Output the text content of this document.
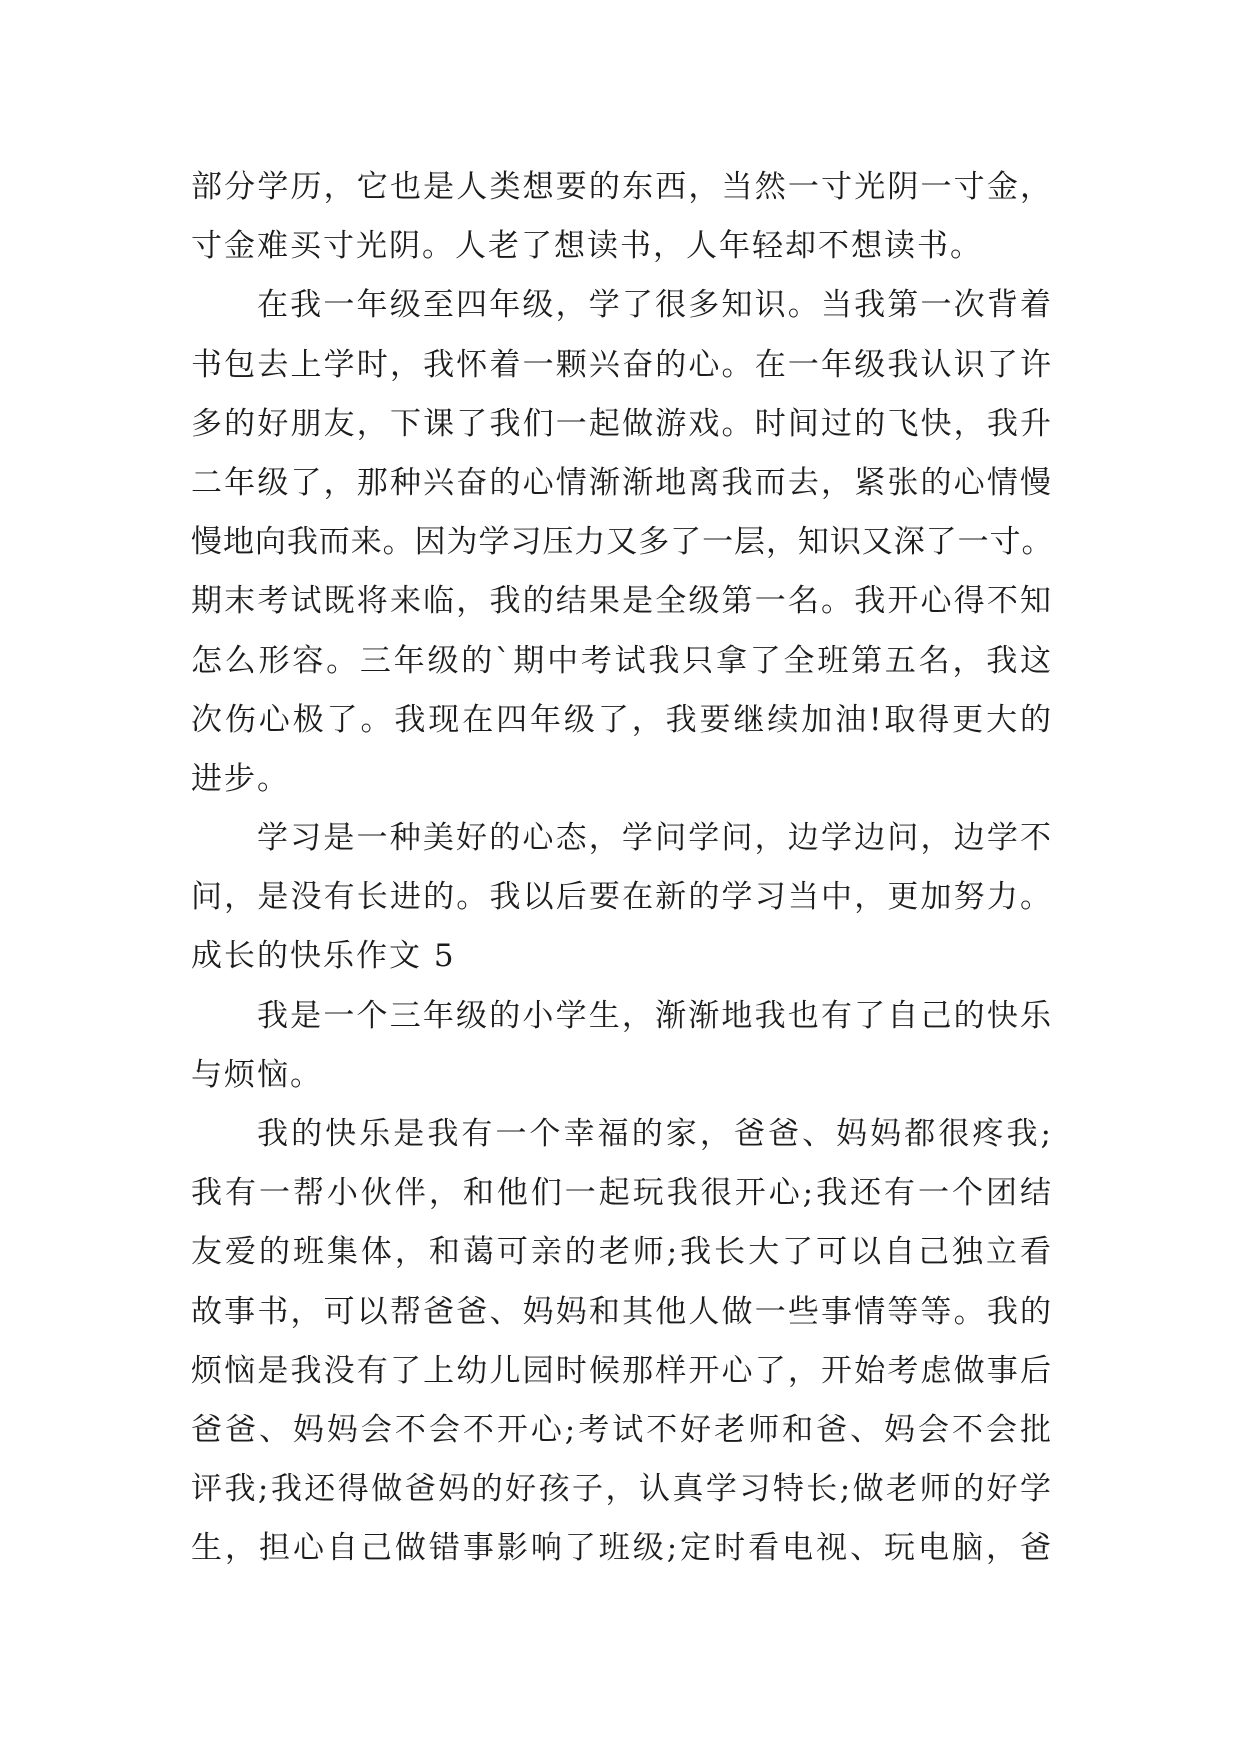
部分学历，它也是人类想要的东西，当然一寸光阴一寸金，
寸金难买寸光阴。人老了想读书，人年轻却不想读书。
在我一年级至四年级，学了很多知识。当我第一次背着
书包去上学时，我怀着一颗兴奋的心。在一年级我认识了许
多的好朋友，下课了我们一起做游戏。时间过的飞快，我升
二年级了，那种兴奋的心情渐渐地离我而去，紧张的心情慢
慢地向我而来。因为学习压力又多了一层，知识又深了一寸。
期末考试既将来临，我的结果是全级第一名。我开心得不知
怎么形容。三年级的`期中考试我只拿了全班第五名，我这
次伤心极了。我现在四年级了，我要继续加油!取得更大的
进步。
学习是一种美好的心态，学问学问，边学边问，边学不
问，是没有长进的。我以后要在新的学习当中，更加努力。
成长的快乐作文 5
我是一个三年级的小学生，渐渐地我也有了自己的快乐
与烦恼。
我的快乐是我有一个幸福的家，爸爸、妈妈都很疼我;
我有一帮小伙伴，和他们一起玩我很开心;我还有一个团结
友爱的班集体，和蔼可亲的老师;我长大了可以自己独立看
故事书，可以帮爸爸、妈妈和其他人做一些事情等等。我的
烦恼是我没有了上幼儿园时候那样开心了，开始考虑做事后
爸爸、妈妈会不会不开心;考试不好老师和爸、妈会不会批
评我;我还得做爸妈的好孩子，认真学习特长;做老师的好学
生，担心自己做错事影响了班级;定时看电视、玩电脑，爸
